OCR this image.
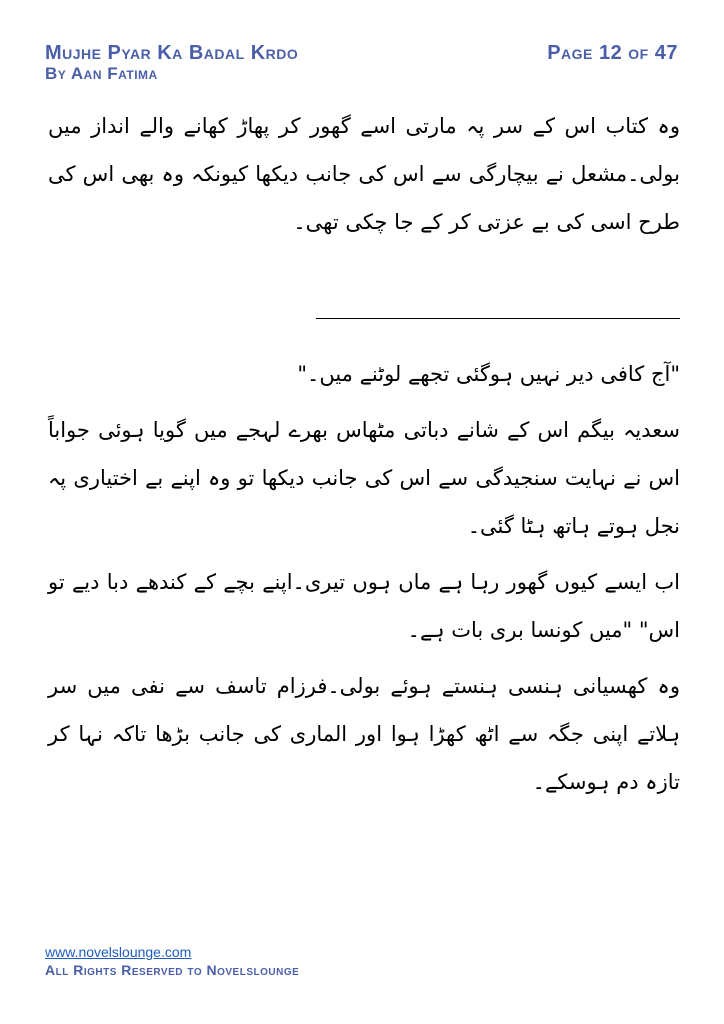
Mujhe Pyar Ka Badal Krdo
By Aan Fatima
Page 12 of 47

وہ کتاب اس کے سر پہ مارتی اسے گھور کر پھاڑ کھانے والے انداز میں بولی۔مشعل نے بیچارگی سے اس کی جانب دیکھا کیونکہ وہ بھی اس کی طرح اسی کی بے عزتی کر کے جا چکی تھی۔

"آج کافی دیر نہیں ہوگئی تجھے لوٹنے میں۔"

سعدیہ بیگم اس کے شانے دباتی مٹھاس بھرے لہجے میں گویا ہوئی جواباً اس نے نہایت سنجیدگی سے اس کی جانب دیکھا تو وہ اپنے بے اختیاری پہ نجل ہوتے ہاتھ ہٹا گئی۔

اب ایسے کیوں گھور رہا ہے ماں ہوں تیری۔اپنے بچے کے کندھے دبا دیے تو اس" "میں کونسا بری بات ہے۔

وہ کھسیانی ہنسی ہنستے ہوئے بولی۔فرزام تاسف سے نفی میں سر ہلاتے اپنی جگہ سے اٹھ کھڑا ہوا اور الماری کی جانب بڑھا تاکہ نہا کر تازہ دم ہوسکے۔

www.novelslounge.com
All Rights Reserved to Novelslounge
